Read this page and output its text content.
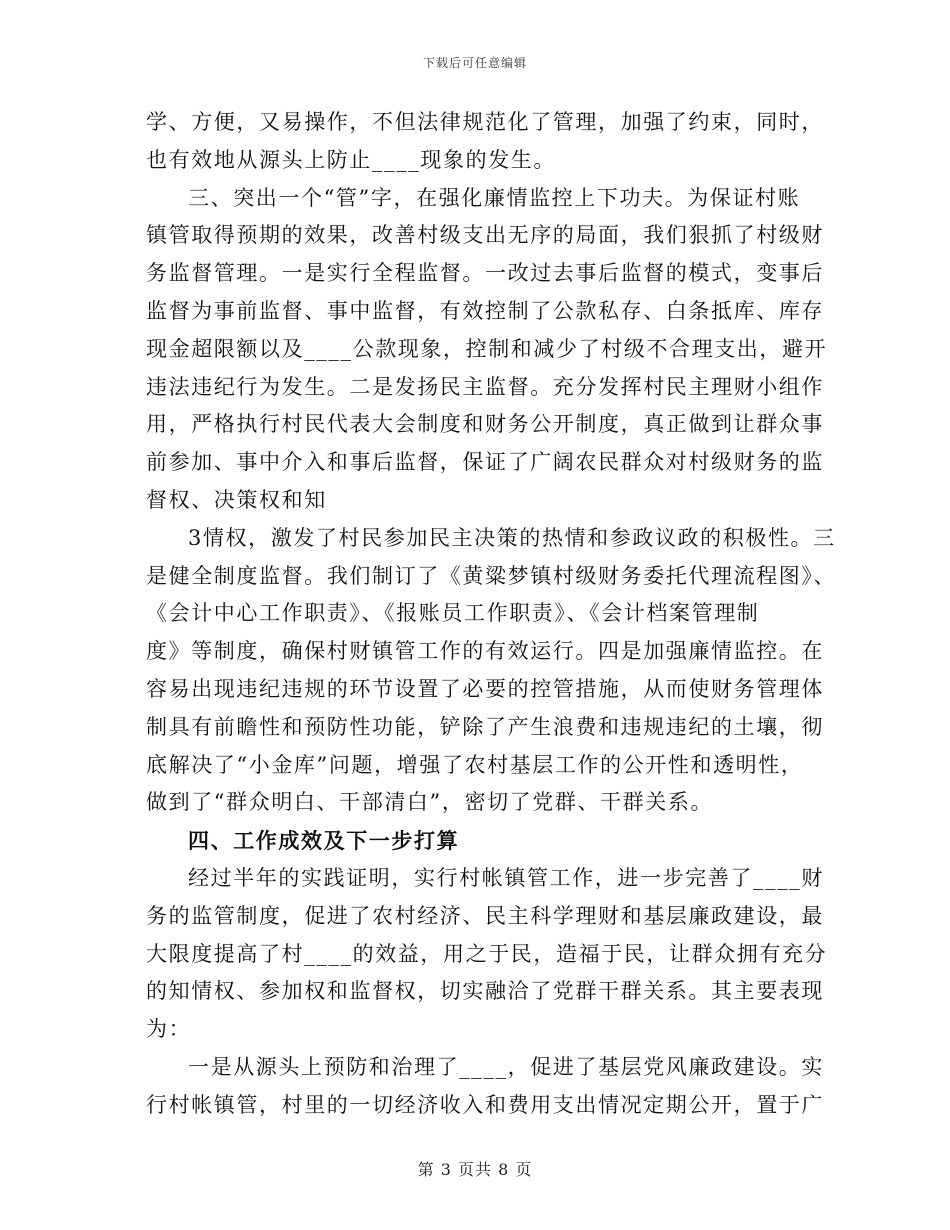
下载后可任意编辑
学、方便，又易操作，不但法律规范化了管理，加强了约束，同时，
也有效地从源头上防止____现象的发生。
三、突出一个“管”字，在强化廉情监控上下功夫。为保证村账
镇管取得预期的效果，改善村级支出无序的局面，我们狠抓了村级财
务监督管理。一是实行全程监督。一改过去事后监督的模式，变事后
监督为事前监督、事中监督，有效控制了公款私存、白条抵库、库存
现金超限额以及____公款现象，控制和减少了村级不合理支出，避开
违法违纪行为发生。二是发扬民主监督。充分发挥村民主理财小组作
用，严格执行村民代表大会制度和财务公开制度，真正做到让群众事
前参加、事中介入和事后监督，保证了广阔农民群众对村级财务的监
督权、决策权和知
3情权，激发了村民参加民主决策的热情和参政议政的积极性。三
是健全制度监督。我们制订了《黄粱梦镇村级财务委托代理流程图》、
《会计中心工作职责》、《报账员工作职责》、《会计档案管理制
度》等制度，确保村财镇管工作的有效运行。四是加强廉情监控。在
容易出现违纪违规的环节设置了必要的控管措施，从而使财务管理体
制具有前瞻性和预防性功能，铲除了产生浪费和违规违纪的土壤，彻
底解决了“小金库”问题，增强了农村基层工作的公开性和透明性，
做到了“群众明白、干部清白”，密切了党群、干群关系。
四、工作成效及下一步打算
经过半年的实践证明，实行村帐镇管工作，进一步完善了____财
务的监管制度，促进了农村经济、民主科学理财和基层廉政建设，最
大限度提高了村____的效益，用之于民，造福于民，让群众拥有充分
的知情权、参加权和监督权，切实融洽了党群干群关系。其主要表现
为：
一是从源头上预防和治理了____，促进了基层党风廉政建设。实
行村帐镇管，村里的一切经济收入和费用支出情况定期公开，置于广
第 3 页共 8 页
